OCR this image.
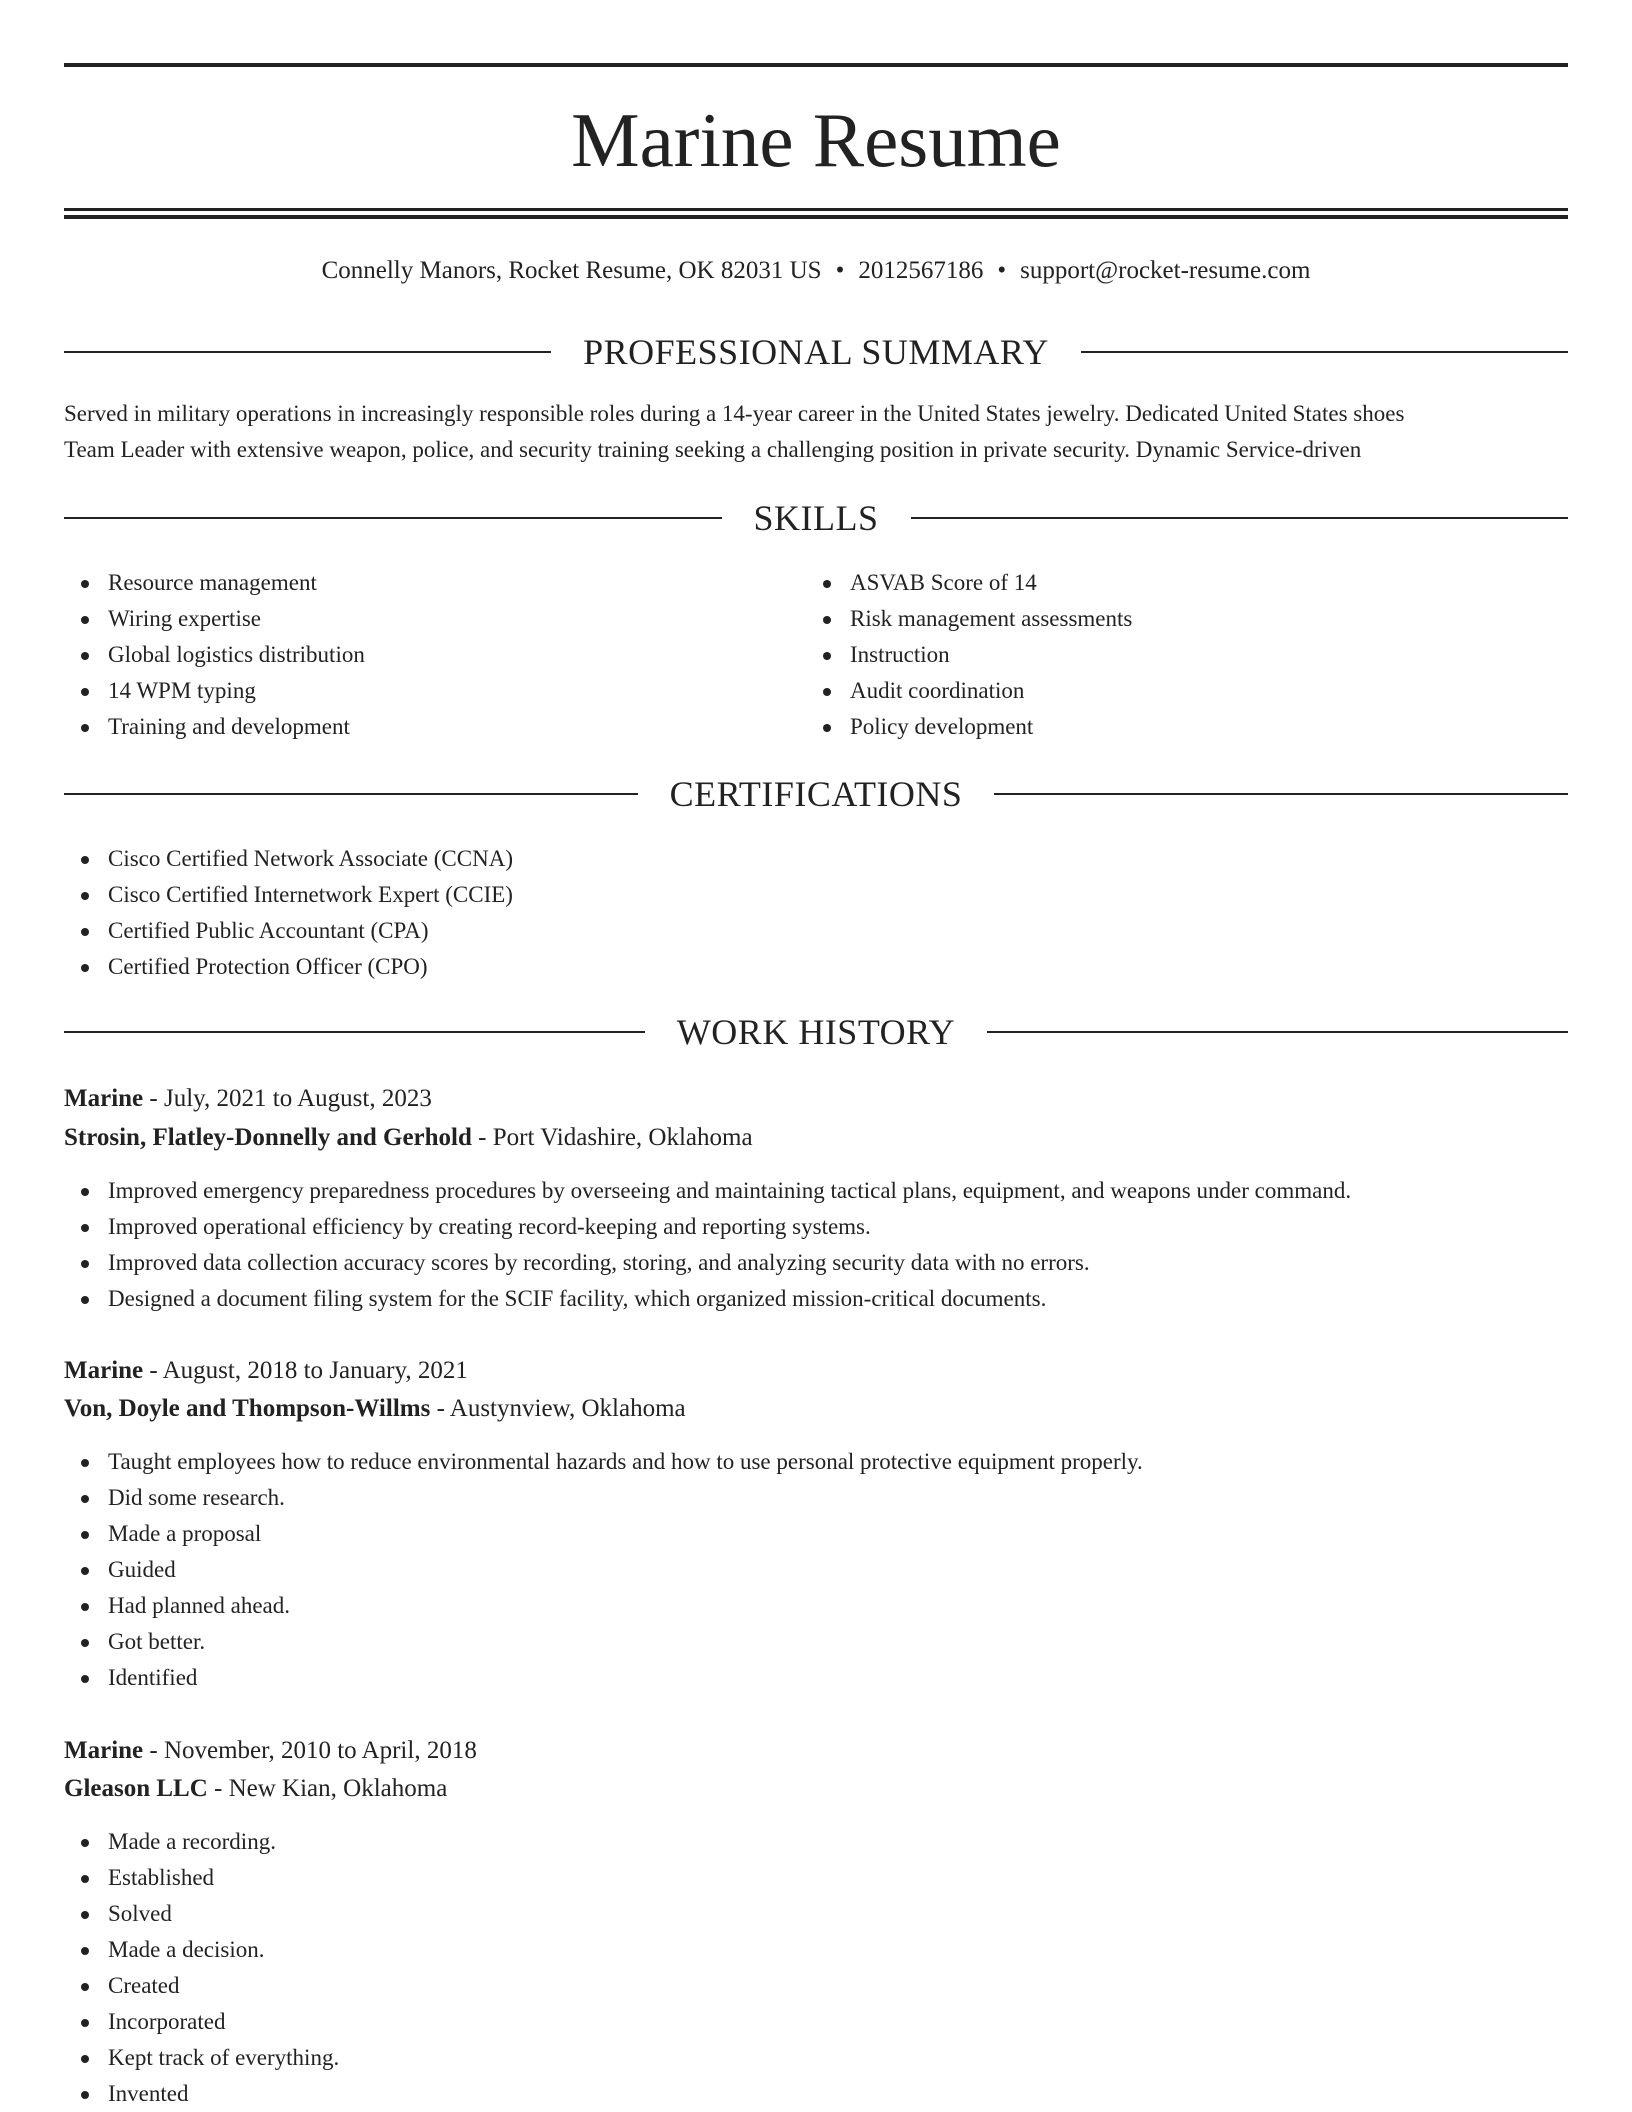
Marine Resume
Connelly Manors, Rocket Resume, OK 82031 US • 2012567186 • support@rocket-resume.com
PROFESSIONAL SUMMARY
Served in military operations in increasingly responsible roles during a 14-year career in the United States jewelry. Dedicated United States shoes
Team Leader with extensive weapon, police, and security training seeking a challenging position in private security. Dynamic Service-driven
SKILLS
Resource management
Wiring expertise
Global logistics distribution
14 WPM typing
Training and development
ASVAB Score of 14
Risk management assessments
Instruction
Audit coordination
Policy development
CERTIFICATIONS
Cisco Certified Network Associate (CCNA)
Cisco Certified Internetwork Expert (CCIE)
Certified Public Accountant (CPA)
Certified Protection Officer (CPO)
WORK HISTORY
Marine - July, 2021 to August, 2023
Strosin, Flatley-Donnelly and Gerhold - Port Vidashire, Oklahoma
Improved emergency preparedness procedures by overseeing and maintaining tactical plans, equipment, and weapons under command.
Improved operational efficiency by creating record-keeping and reporting systems.
Improved data collection accuracy scores by recording, storing, and analyzing security data with no errors.
Designed a document filing system for the SCIF facility, which organized mission-critical documents.
Marine - August, 2018 to January, 2021
Von, Doyle and Thompson-Willms - Austynview, Oklahoma
Taught employees how to reduce environmental hazards and how to use personal protective equipment properly.
Did some research.
Made a proposal
Guided
Had planned ahead.
Got better.
Identified
Marine - November, 2010 to April, 2018
Gleason LLC - New Kian, Oklahoma
Made a recording.
Established
Solved
Made a decision.
Created
Incorporated
Kept track of everything.
Invented
